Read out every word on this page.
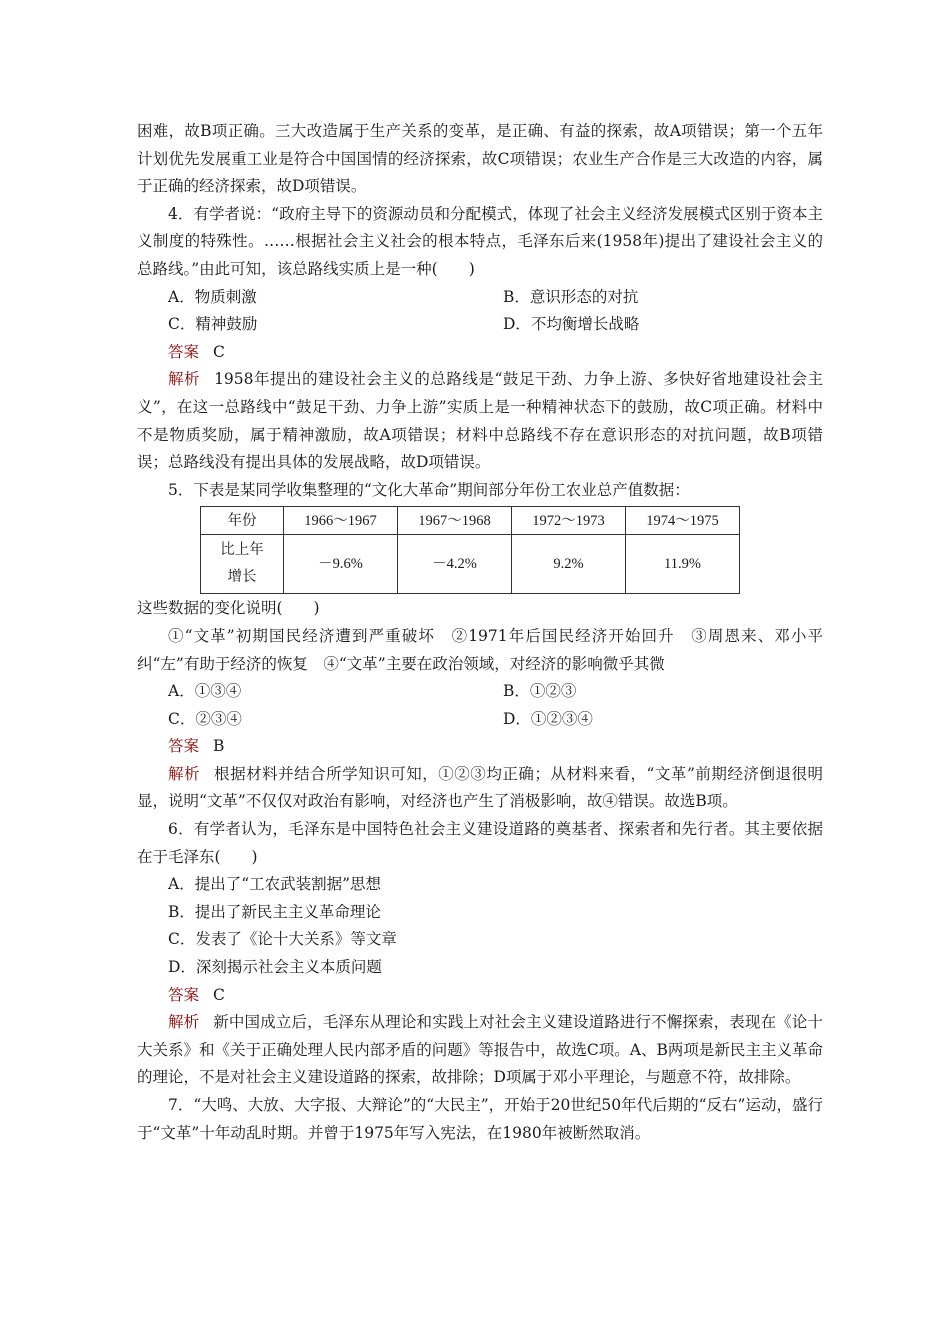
困难，故B项正确。三大改造属于生产关系的变革，是正确、有益的探索，故A项错误；第一个五年计划优先发展重工业是符合中国国情的经济探索，故C项错误；农业生产合作是三大改造的内容，属于正确的经济探索，故D项错误。

4．有学者说：“政府主导下的资源动员和分配模式，体现了社会主义经济发展模式区别于资本主义制度的特殊性。……根据社会主义社会的根本特点，毛泽东后来(1958年)提出了建设社会主义的总路线。”由此可知，该总路线实质上是一种(　　)

A．物质刺激	B．意识形态的对抗
C．精神鼓励	D．不均衡增长战略

答案 C

解析 1958年提出的建设社会主义的总路线是“鼓足干劲、力争上游、多快好省地建设社会主义”，在这一总路线中“鼓足干劲、力争上游”实质上是一种精神状态下的鼓励，故C项正确。材料中不是物质奖励，属于精神激励，故A项错误；材料中总路线不存在意识形态的对抗问题，故B项错误；总路线没有提出具体的发展战略，故D项错误。

5．下表是某同学收集整理的“文化大革命”期间部分年份工农业总产值数据：

年份	1966～1967	1967～1968	1972～1973	1974～1975
比上年
增长	－9.6%	－4.2%	9.2%	11.9%

这些数据的变化说明(　　)

①“文革”初期国民经济遭到严重破坏　②1971年后国民经济开始回升　③周恩来、邓小平纠“左”有助于经济的恢复　④“文革”主要在政治领域，对经济的影响微乎其微

A．①③④	B．①②③
C．②③④	D．①②③④

答案 B

解析 根据材料并结合所学知识可知，①②③均正确；从材料来看，“文革”前期经济倒退很明显，说明“文革”不仅仅对政治有影响，对经济也产生了消极影响，故④错误。故选B项。

6．有学者认为，毛泽东是中国特色社会主义建设道路的奠基者、探索者和先行者。其主要依据在于毛泽东(　　)

A．提出了“工农武装割据”思想

B．提出了新民主主义革命理论

C．发表了《论十大关系》等文章

D．深刻揭示社会主义本质问题

答案 C

解析 新中国成立后，毛泽东从理论和实践上对社会主义建设道路进行不懈探索，表现在《论十大关系》和《关于正确处理人民内部矛盾的问题》等报告中，故选C项。A、B两项是新民主主义革命的理论，不是对社会主义建设道路的探索，故排除；D项属于邓小平理论，与题意不符，故排除。

7．“大鸣、大放、大字报、大辩论”的“大民主”，开始于20世纪50年代后期的“反右”运动，盛行于“文革”十年动乱时期。并曾于1975年写入宪法，在1980年被断然取消。
